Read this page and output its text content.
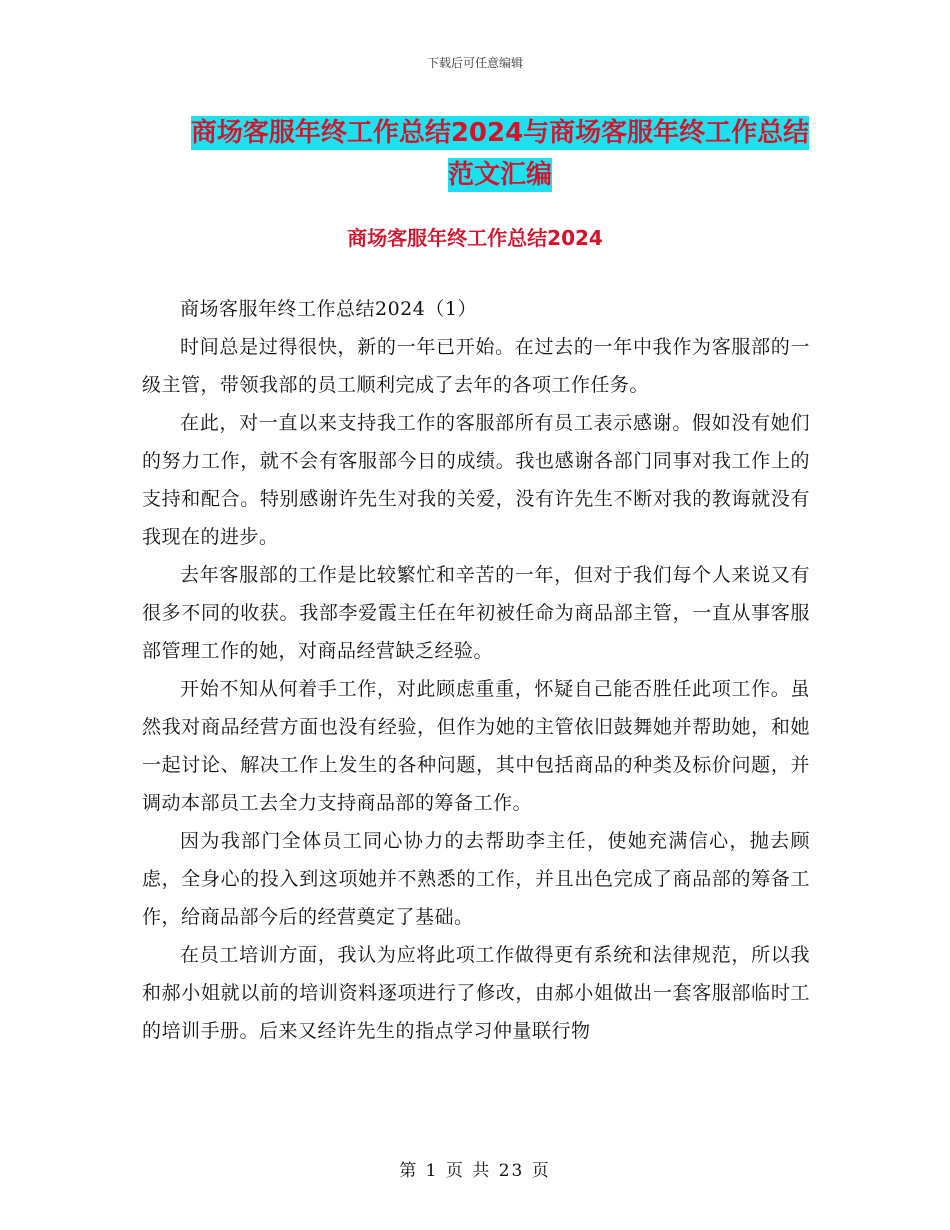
下载后可任意编辑
商场客服年终工作总结2024与商场客服年终工作总结
范文汇编
商场客服年终工作总结2024

商场客服年终工作总结2024（1）

时间总是过得很快，新的一年已开始。在过去的一年中我作为客服部的一级主管，带领我部的员工顺利完成了去年的各项工作任务。

在此，对一直以来支持我工作的客服部所有员工表示感谢。假如没有她们的努力工作，就不会有客服部今日的成绩。我也感谢各部门同事对我工作上的支持和配合。特别感谢许先生对我的关爱，没有许先生不断对我的教诲就没有我现在的进步。

去年客服部的工作是比较繁忙和辛苦的一年，但对于我们每个人来说又有很多不同的收获。我部李爱霞主任在年初被任命为商品部主管，一直从事客服部管理工作的她，对商品经营缺乏经验。

开始不知从何着手工作，对此顾虑重重，怀疑自己能否胜任此项工作。虽然我对商品经营方面也没有经验，但作为她的主管依旧鼓舞她并帮助她，和她一起讨论、解决工作上发生的各种问题，其中包括商品的种类及标价问题，并调动本部员工去全力支持商品部的筹备工作。

因为我部门全体员工同心协力的去帮助李主任，使她充满信心，抛去顾虑，全身心的投入到这项她并不熟悉的工作，并且出色完成了商品部的筹备工作，给商品部今后的经营奠定了基础。

在员工培训方面，我认为应将此项工作做得更有系统和法律规范，所以我和郝小姐就以前的培训资料逐项进行了修改，由郝小姐做出一套客服部临时工的培训手册。后来又经许先生的指点学习仲量联行物

第 1 页 共 23 页
